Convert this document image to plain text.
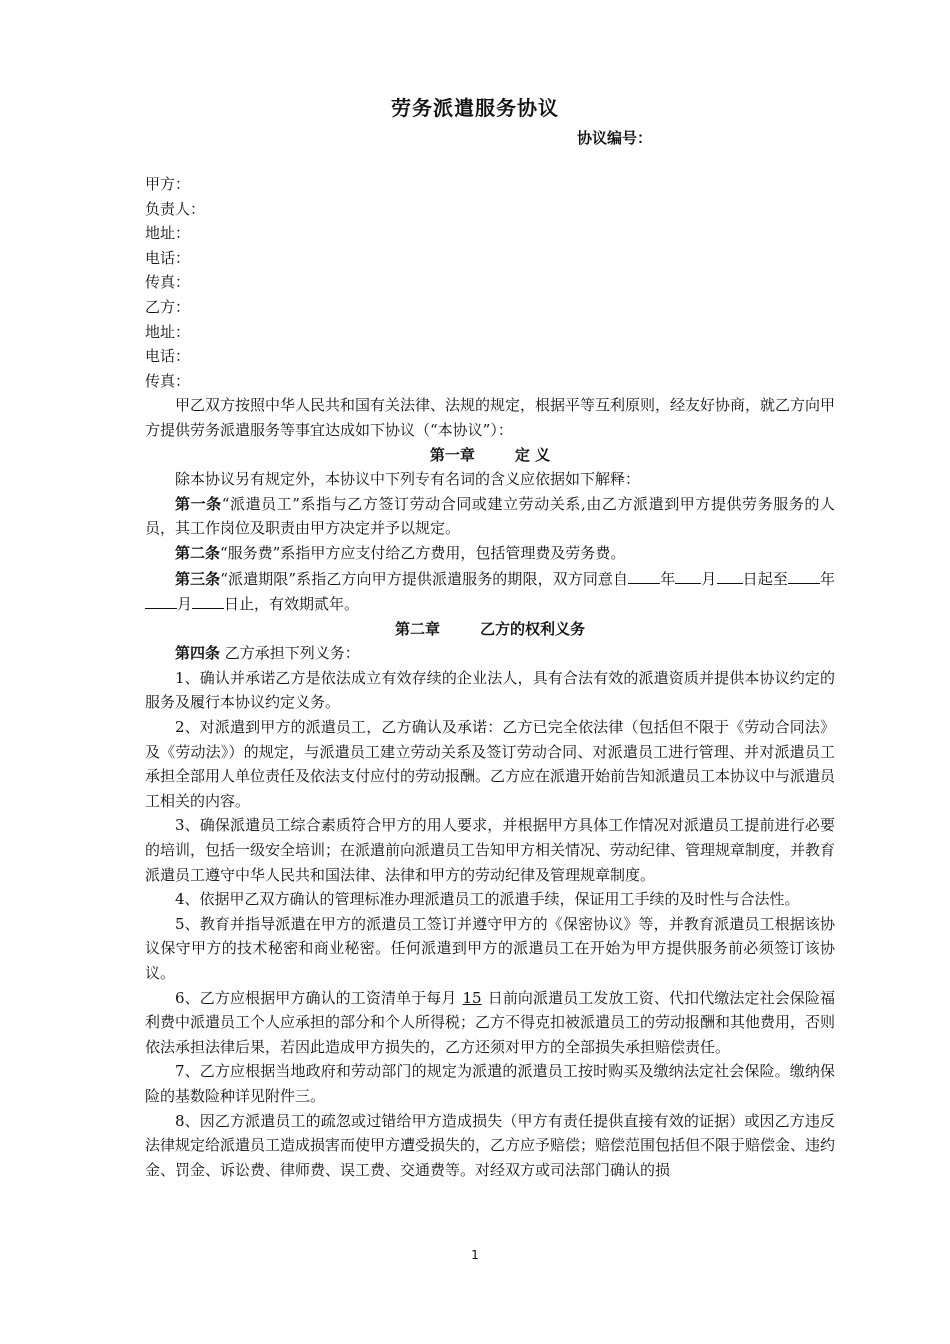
劳务派遣服务协议
协议编号：
甲方：
负责人：
地址：
电话：
传真：
乙方：
地址：
电话：
传真：

甲乙双方按照中华人民共和国有关法律、法规的规定，根据平等互利原则，经友好协商，就乙方向甲方提供劳务派遣服务等事宜达成如下协议（“本协议”）：

第一章	定 义

除本协议另有规定外，本协议中下列专有名词的含义应依据如下解释：

第一条“派遣员工”系指与乙方签订劳动合同或建立劳动关系,由乙方派遣到甲方提供劳务服务的人员，其工作岗位及职责由甲方决定并予以规定。

第二条“服务费”系指甲方应支付给乙方费用，包括管理费及劳务费。

第三条“派遣期限”系指乙方向甲方提供派遣服务的期限，双方同意自 年 月 日起至 年月 日止，有效期贰年。

第二章	乙方的权利义务

第四条 乙方承担下列义务：

1、确认并承诺乙方是依法成立有效存续的企业法人，具有合法有效的派遣资质并提供本协议约定的服务及履行本协议约定义务。

2、对派遣到甲方的派遣员工，乙方确认及承诺：乙方已完全依法律（包括但不限于《劳动合同法》及《劳动法》）的规定，与派遣员工建立劳动关系及签订劳动合同、对派遣员工进行管理、并对派遣员工承担全部用人单位责任及依法支付应付的劳动报酬。乙方应在派遣开始前告知派遣员工本协议中与派遣员工相关的内容。

3、确保派遣员工综合素质符合甲方的用人要求，并根据甲方具体工作情况对派遣员工提前进行必要的培训，包括一级安全培训；在派遣前向派遣员工告知甲方相关情况、劳动纪律、管理规章制度，并教育派遣员工遵守中华人民共和国法律、法律和甲方的劳动纪律及管理规章制度。

4、依据甲乙双方确认的管理标准办理派遣员工的派遣手续，保证用工手续的及时性与合法性。

5、教育并指导派遣在甲方的派遣员工签订并遵守甲方的《保密协议》等，并教育派遣员工根据该协议保守甲方的技术秘密和商业秘密。任何派遣到甲方的派遣员工在开始为甲方提供服务前必须签订该协议。

6、乙方应根据甲方确认的工资清单于每月 15 日前向派遣员工发放工资、代扣代缴法定社会保险福利费中派遣员工个人应承担的部分和个人所得税；乙方不得克扣被派遣员工的劳动报酬和其他费用，否则依法承担法律后果，若因此造成甲方损失的，乙方还须对甲方的全部损失承担赔偿责任。

7、乙方应根据当地政府和劳动部门的规定为派遣的派遣员工按时购买及缴纳法定社会保险。缴纳保险的基数险种详见附件三。

8、因乙方派遣员工的疏忽或过错给甲方造成损失（甲方有责任提供直接有效的证据）或因乙方违反法律规定给派遣员工造成损害而使甲方遭受损失的，乙方应予赔偿；赔偿范围包括但不限于赔偿金、违约金、罚金、诉讼费、律师费、误工费、交通费等。对经双方或司法部门确认的损

1
